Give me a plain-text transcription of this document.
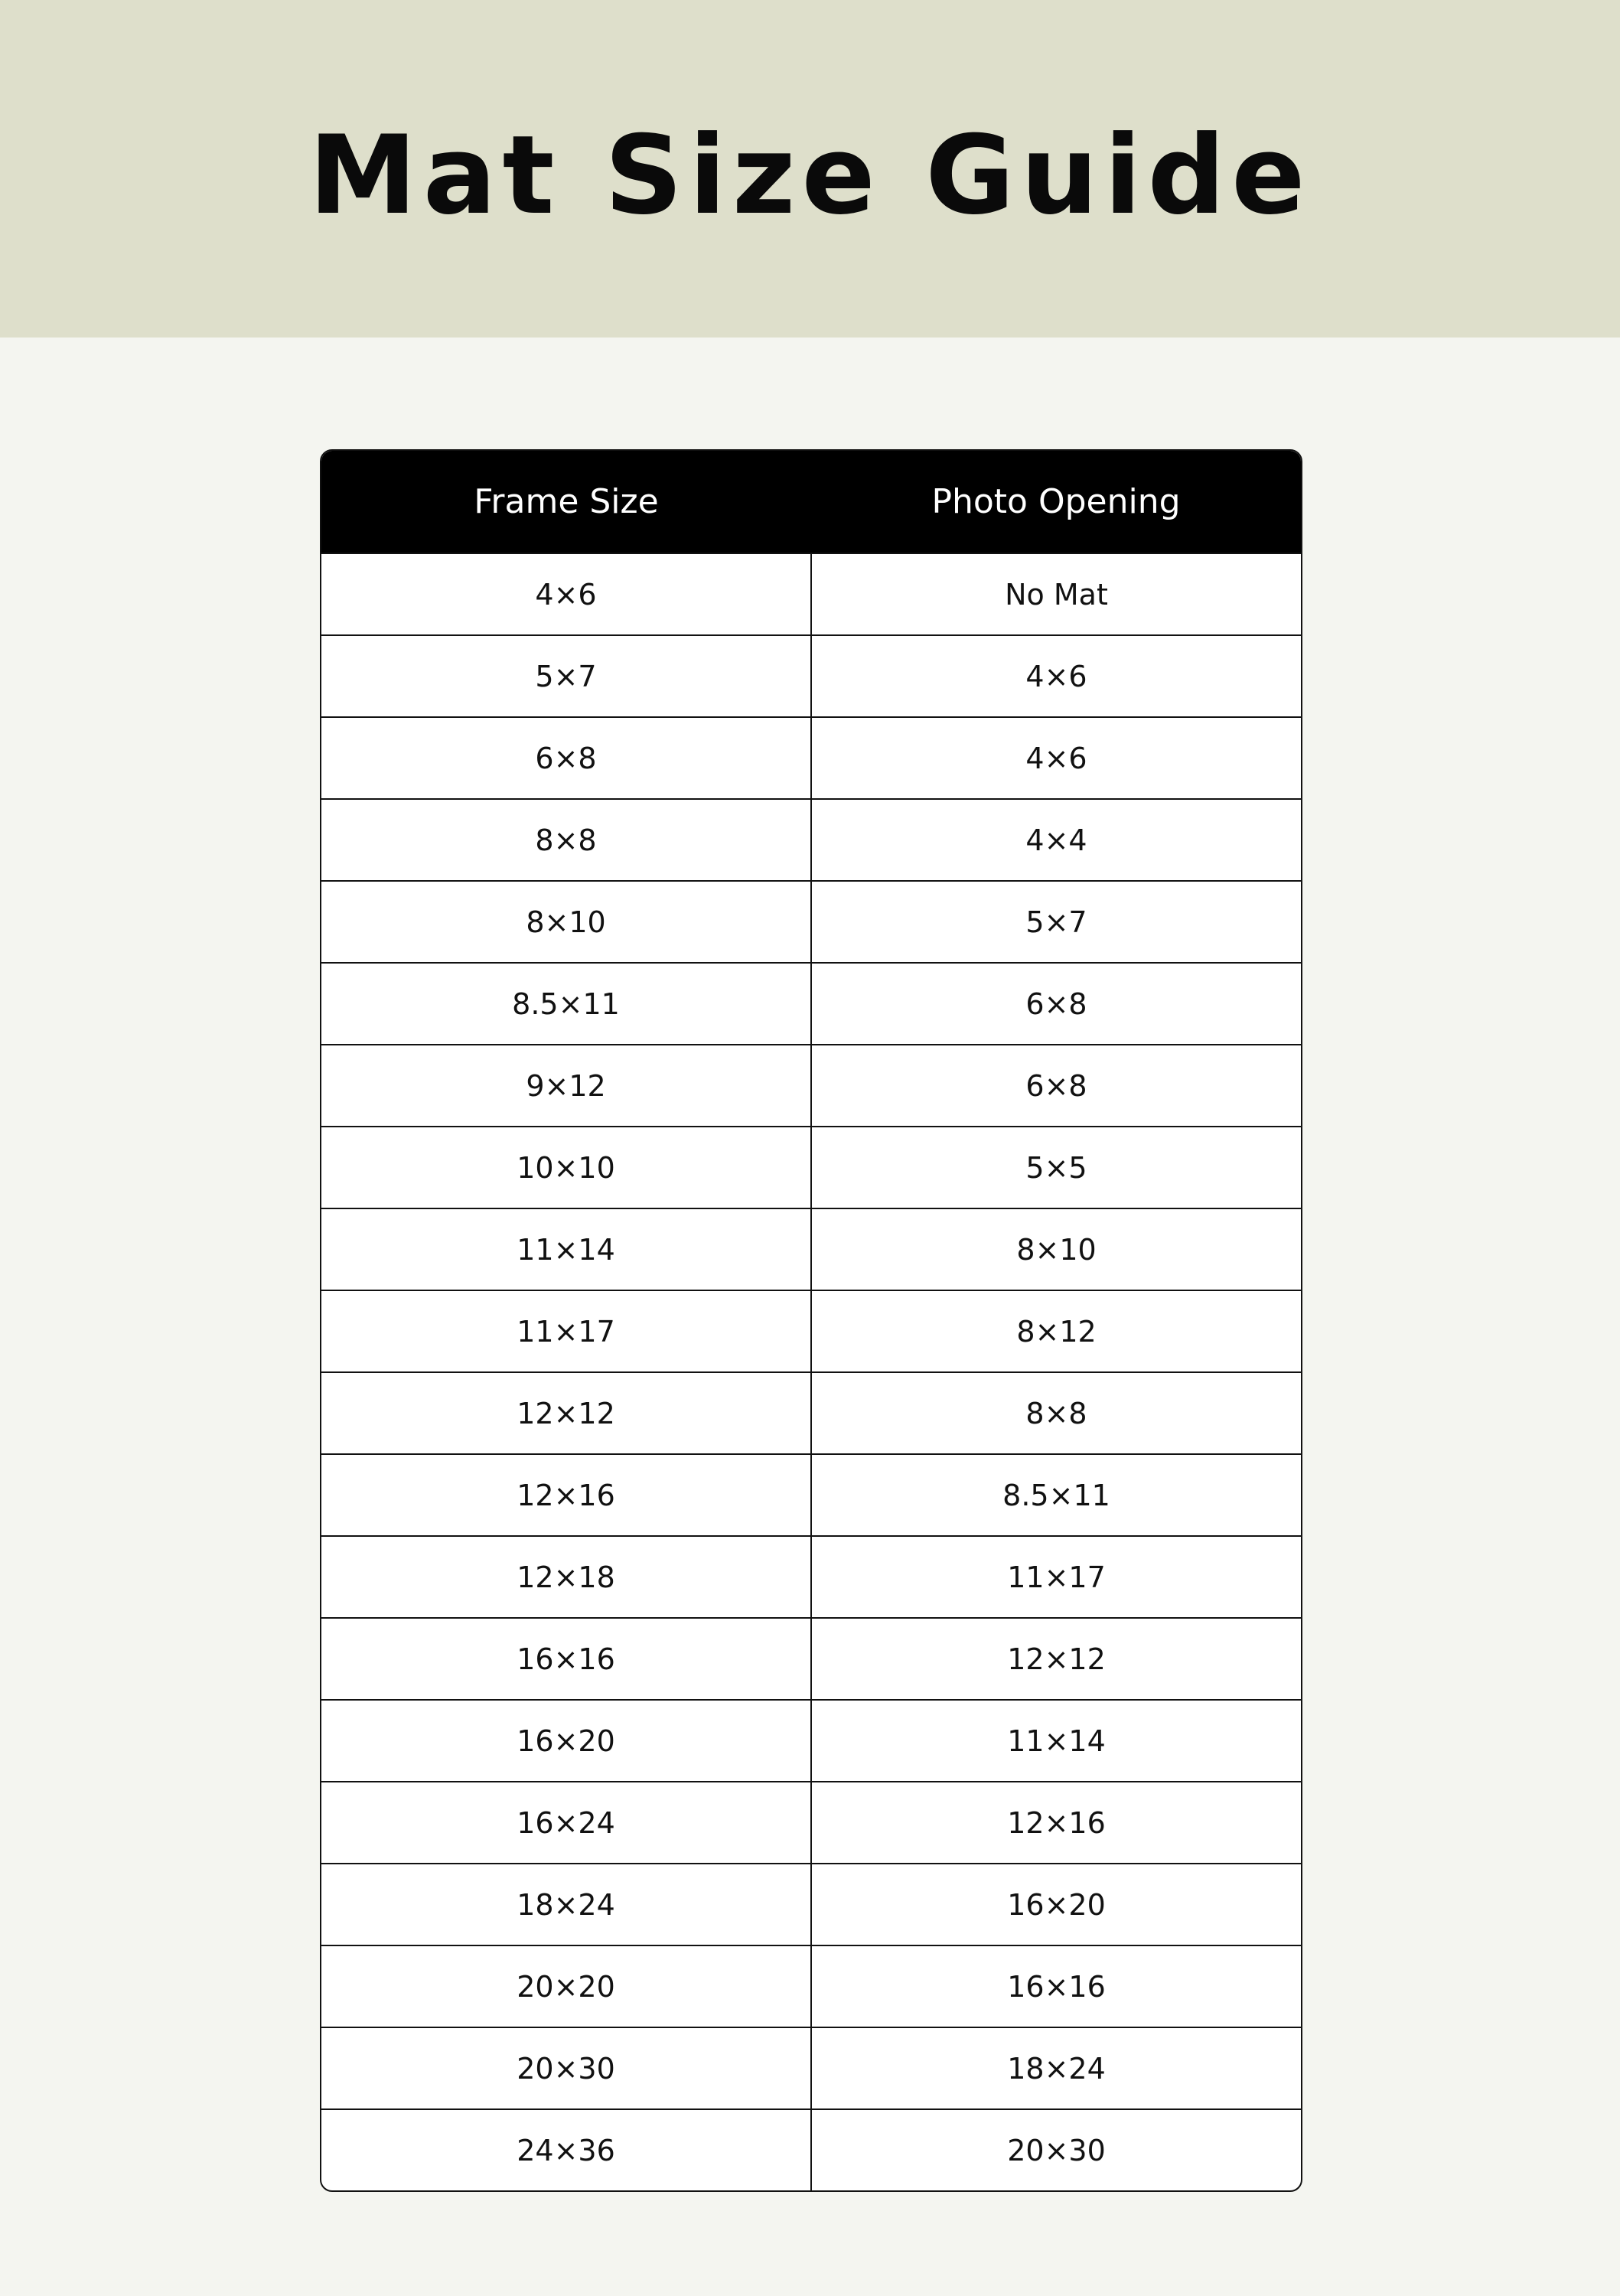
Mat Size Guide
Frame Size	Photo Opening
4×6	No Mat
5×7	4×6
6×8	4×6
8×8	4×4
8×10	5×7
8.5×11	6×8
9×12	6×8
10×10	5×5
11×14	8×10
11×17	8×12
12×12	8×8
12×16	8.5×11
12×18	11×17
16×16	12×12
16×20	11×14
16×24	12×16
18×24	16×20
20×20	16×16
20×30	18×24
24×36	20×30
